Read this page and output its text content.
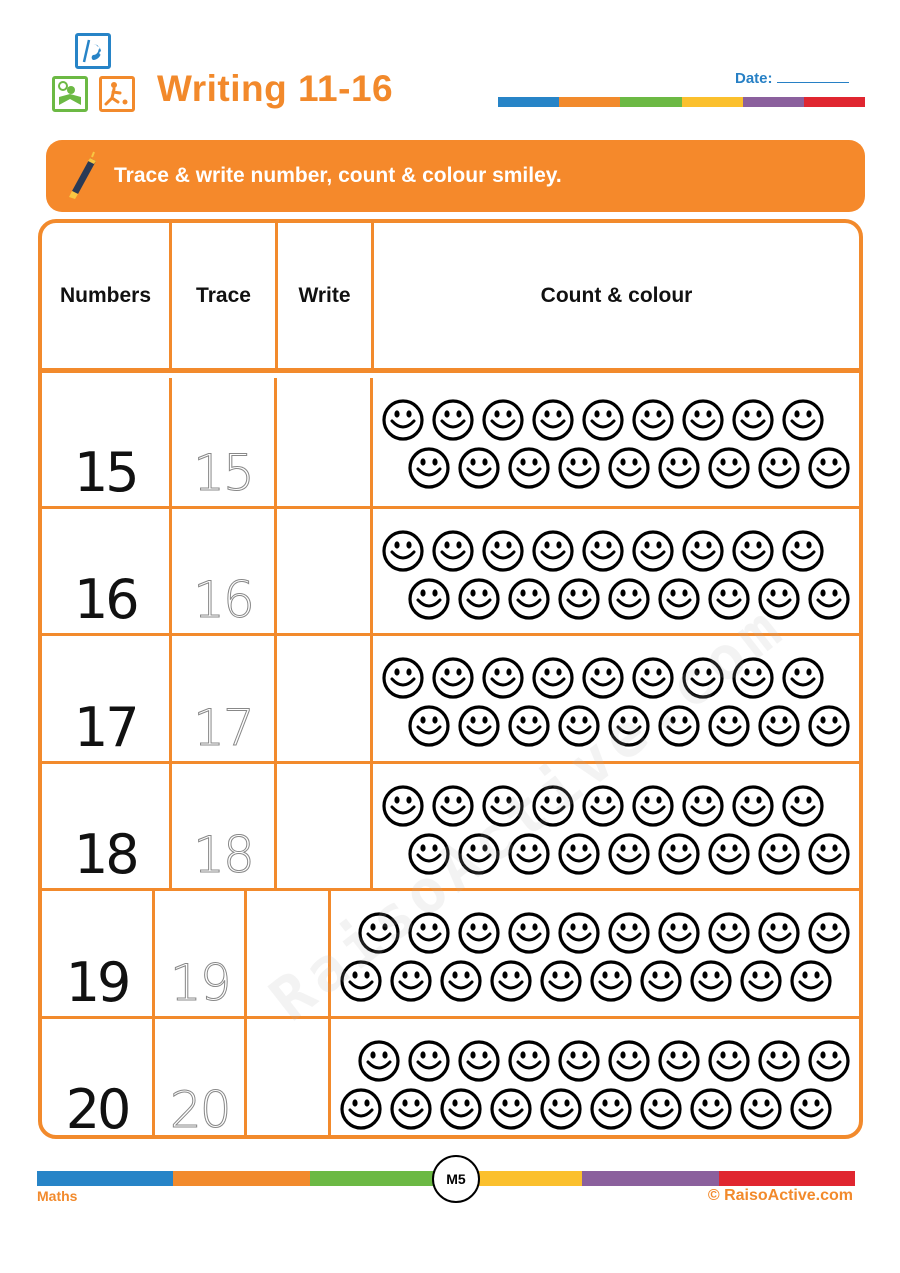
Writing 11-16	Date:
Trace & write number, count & colour smiley.
Numbers	Trace	Write	Count & colour
15	15
16	16
17	17
18	18
19 19
20 20
RaisoActive.com
M5
Maths	© RaisoActive.com
